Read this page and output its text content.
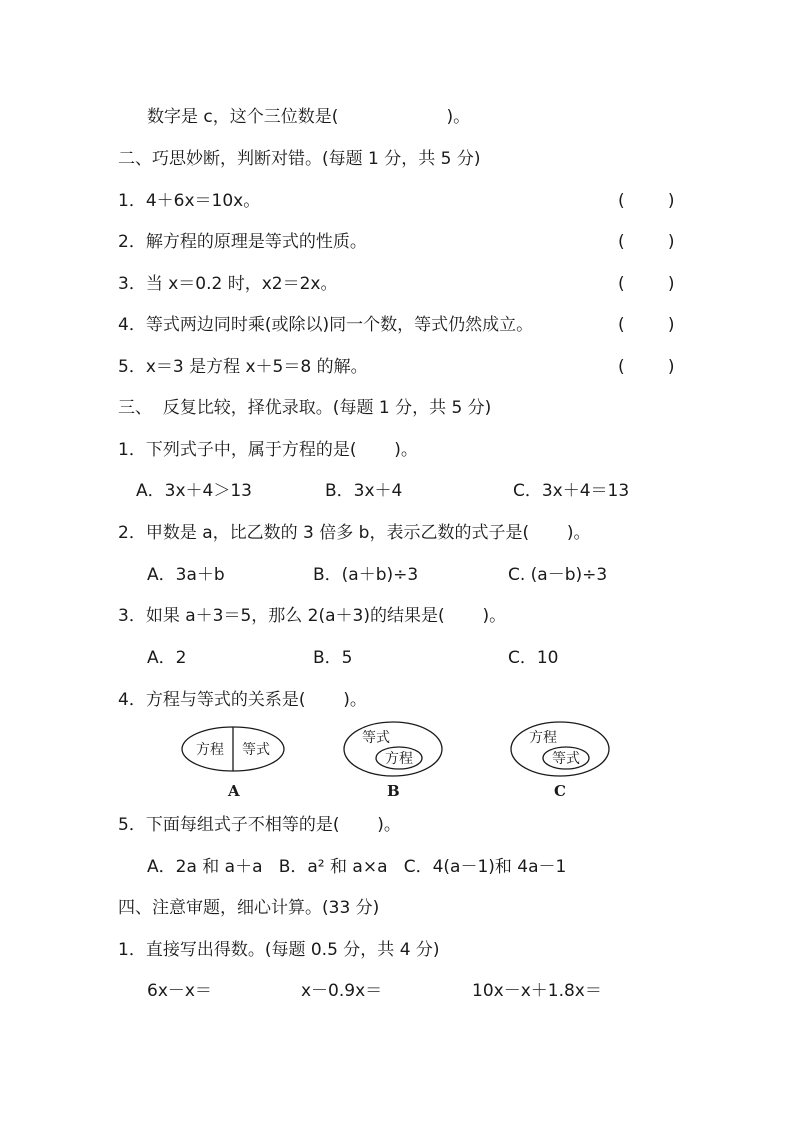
数字是 c，这个三位数是(                    )。
二、巧思妙断，判断对错。(每题 1 分，共 5 分)
1．4＋6x＝10x。	(        )
2．解方程的原理是等式的性质。	(        )
3．当 x＝0.2 时，x2＝2x。	(        )
4．等式两边同时乘(或除以)同一个数，等式仍然成立。	(        )
5．x＝3 是方程 x＋5＝8 的解。	(        )
三、  反复比较，择优录取。(每题 1 分，共 5 分)
1．下列式子中，属于方程的是(       )。
A．3x＋4＞13	B．3x＋4	C．3x＋4＝13
2．甲数是 a，比乙数的 3 倍多 b，表示乙数的式子是(       )。
A．3a＋b	B．(a＋b)÷3	C. (a－b)÷3
3．如果 a＋3＝5，那么 2(a＋3)的结果是(       )。
A．2	B．5	C．10
4．方程与等式的关系是(       )。
方程 等式
等式
方程
方程
等式
A	B	C
5．下面每组式子不相等的是(       )。
A．2a 和 a＋a   B．a² 和 a×a   C．4(a－1)和 4a－1
四、注意审题，细心计算。(33 分)
1．直接写出得数。(每题 0.5 分，共 4 分)
6x－x＝	x－0.9x＝	10x－x＋1.8x＝
